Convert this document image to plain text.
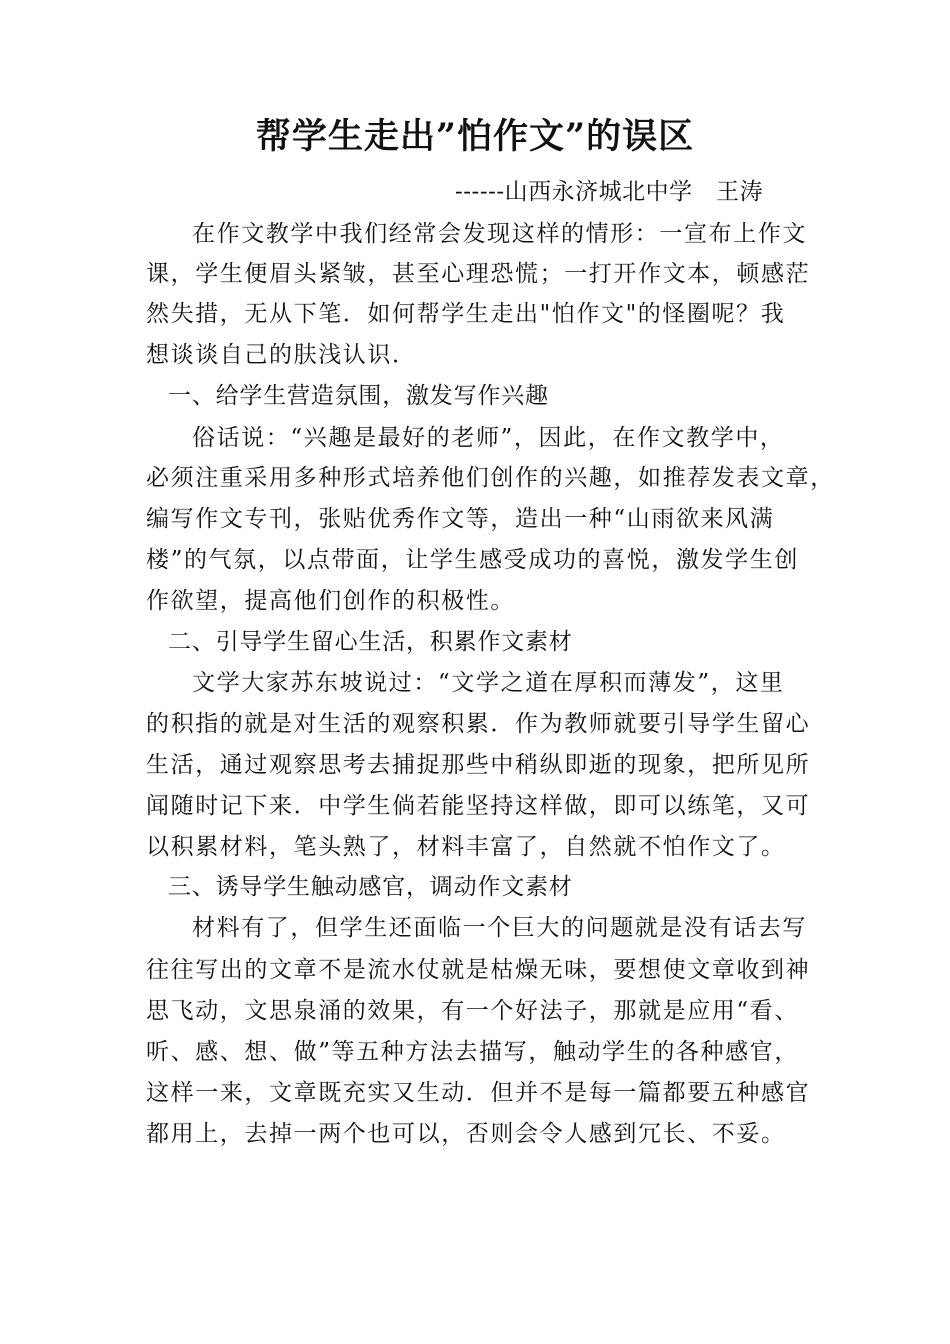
帮学生走出”怕作文”的误区
------山西永济城北中学　王涛
在作文教学中我们经常会发现这样的情形：一宣布上作文
课，学生便眉头紧皱，甚至心理恐慌；一打开作文本，顿感茫
然失措，无从下笔．如何帮学生走出"怕作文"的怪圈呢？我
想谈谈自己的肤浅认识．
一、给学生营造氛围，激发写作兴趣
俗话说：“兴趣是最好的老师”，因此，在作文教学中，
必须注重采用多种形式培养他们创作的兴趣，如推荐发表文章，
编写作文专刊，张贴优秀作文等，造出一种“山雨欲来风满
楼”的气氛，以点带面，让学生感受成功的喜悦，激发学生创
作欲望，提高他们创作的积极性。
二、引导学生留心生活，积累作文素材
文学大家苏东坡说过：“文学之道在厚积而薄发”，这里
的积指的就是对生活的观察积累．作为教师就要引导学生留心
生活，通过观察思考去捕捉那些中稍纵即逝的现象，把所见所
闻随时记下来．中学生倘若能坚持这样做，即可以练笔，又可
以积累材料，笔头熟了，材料丰富了，自然就不怕作文了。
三、诱导学生触动感官，调动作文素材
材料有了，但学生还面临一个巨大的问题就是没有话去写
往往写出的文章不是流水仗就是枯燥无味，要想使文章收到神
思飞动，文思泉涌的效果，有一个好法子，那就是应用“看、
听、感、想、做”等五种方法去描写，触动学生的各种感官，
这样一来，文章既充实又生动．但并不是每一篇都要五种感官
都用上，去掉一两个也可以，否则会令人感到冗长、不妥。
